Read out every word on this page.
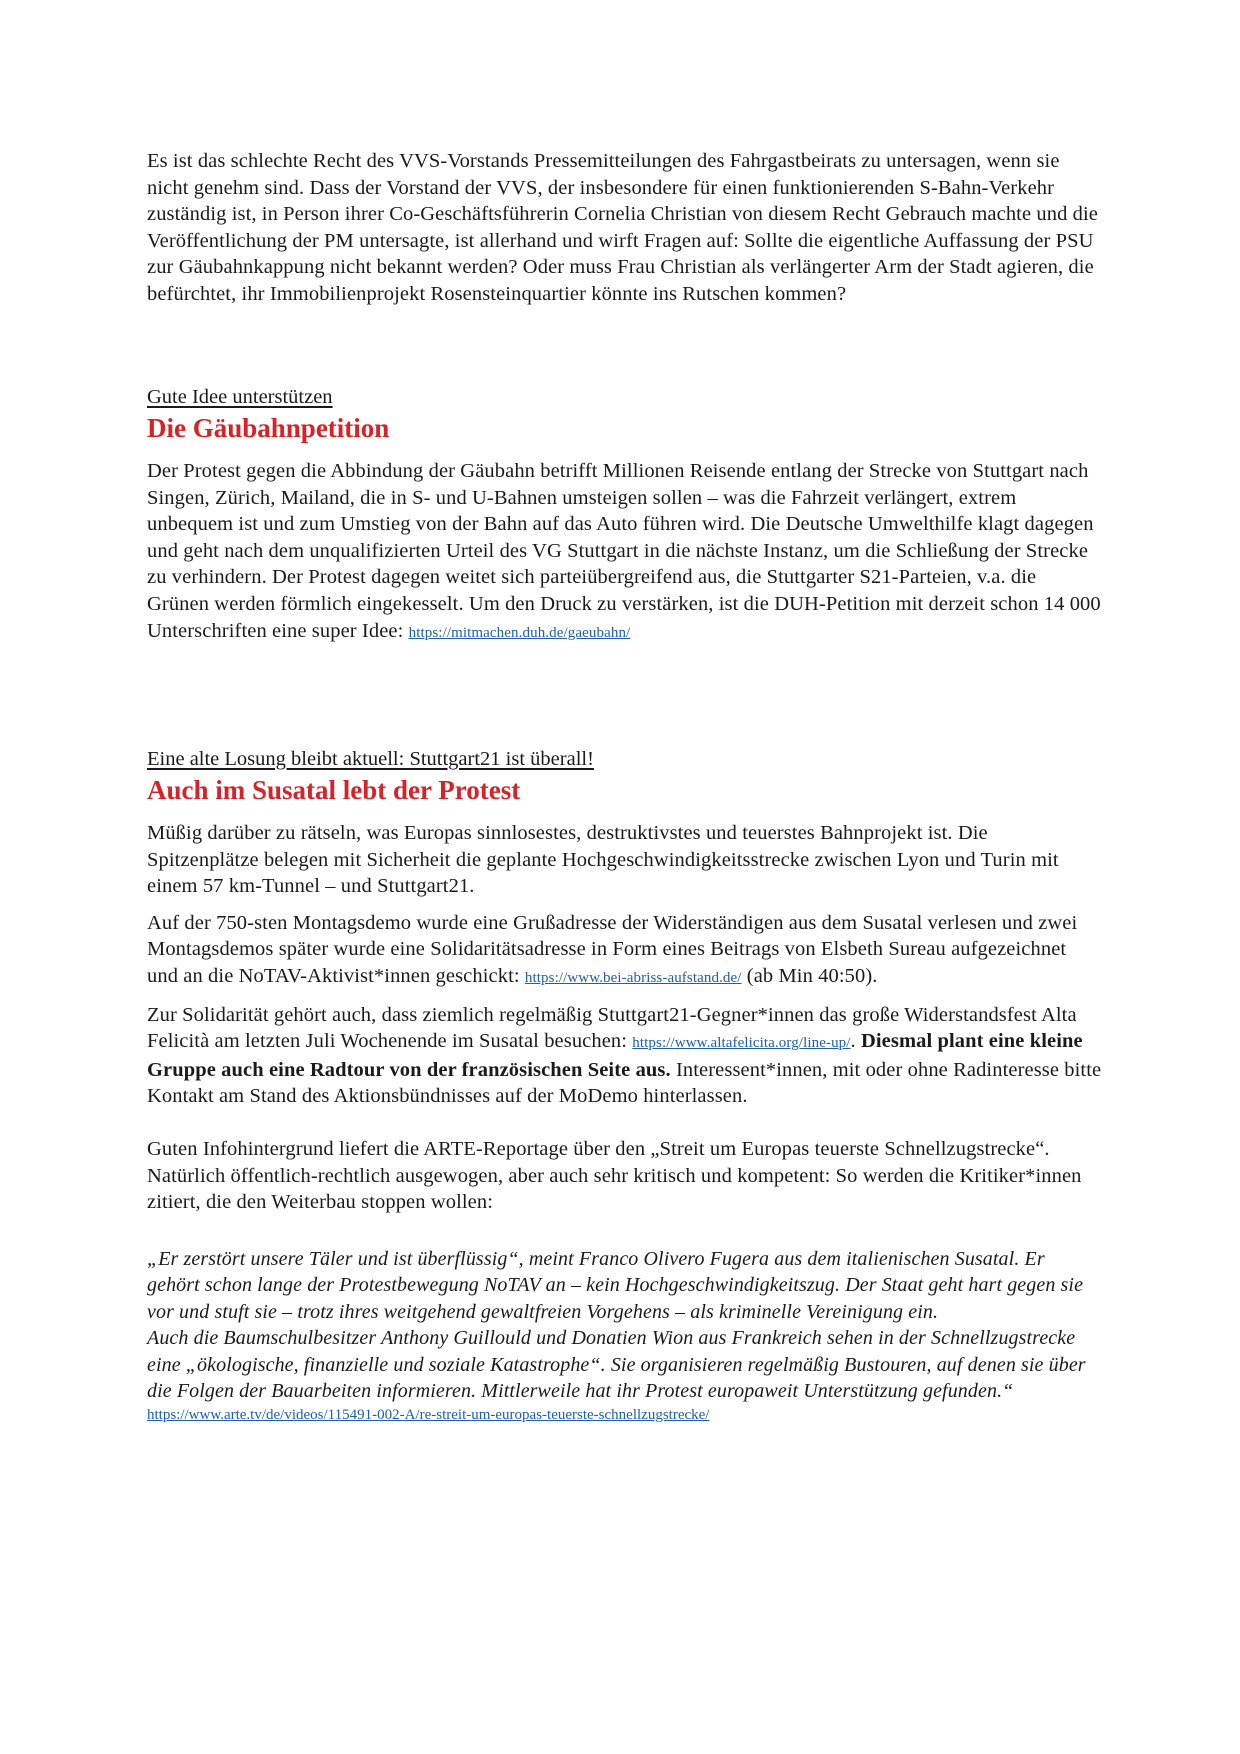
Es ist das schlechte Recht des VVS-Vorstands Pressemitteilungen des Fahrgastbeirats zu untersagen, wenn sie nicht genehm sind. Dass der Vorstand der VVS, der insbesondere für einen funktionierenden S-Bahn-Verkehr zuständig ist, in Person ihrer Co-Geschäftsführerin Cornelia Christian von diesem Recht Gebrauch machte und die Veröffentlichung der PM untersagte, ist allerhand und wirft Fragen auf: Sollte die eigentliche Auffassung der PSU zur Gäubahnkappung nicht bekannt werden? Oder muss Frau Christian als verlängerter Arm der Stadt agieren, die befürchtet, ihr Immobilienprojekt Rosensteinquartier könnte ins Rutschen kommen?

Gute Idee unterstützen
Die Gäubahnpetition

Der Protest gegen die Abbindung der Gäubahn betrifft Millionen Reisende entlang der Strecke von Stuttgart nach Singen, Zürich, Mailand, die in S- und U-Bahnen umsteigen sollen – was die Fahrzeit verlängert, extrem unbequem ist und zum Umstieg von der Bahn auf das Auto führen wird. Die Deutsche Umwelthilfe klagt dagegen und geht nach dem unqualifizierten Urteil des VG Stuttgart in die nächste Instanz, um die Schließung der Strecke zu verhindern. Der Protest dagegen weitet sich parteiübergreifend aus, die Stuttgarter S21-Parteien, v.a. die Grünen werden förmlich eingekesselt. Um den Druck zu verstärken, ist die DUH-Petition mit derzeit schon 14 000 Unterschriften eine super Idee: https://mitmachen.duh.de/gaeubahn/

Eine alte Losung bleibt aktuell: Stuttgart21 ist überall!
Auch im Susatal lebt der Protest

Müßig darüber zu rätseln, was Europas sinnlosestes, destruktivstes und teuerstes Bahnprojekt ist. Die Spitzenplätze belegen mit Sicherheit die geplante Hochgeschwindigkeitsstrecke zwischen Lyon und Turin mit einem 57 km-Tunnel – und Stuttgart21.

Auf der 750-sten Montagsdemo wurde eine Grußadresse der Widerständigen aus dem Susatal verlesen und zwei Montagsdemos später wurde eine Solidaritätsadresse in Form eines Beitrags von Elsbeth Sureau aufgezeichnet und an die NoTAV-Aktivist*innen geschickt: https://www.bei-abriss-aufstand.de/ (ab Min 40:50).

Zur Solidarität gehört auch, dass ziemlich regelmäßig Stuttgart21-Gegner*innen das große Widerstandsfest Alta Felicità am letzten Juli Wochenende im Susatal besuchen: https://www.altafelicita.org/line-up/. Diesmal plant eine kleine Gruppe auch eine Radtour von der französischen Seite aus. Interessent*innen, mit oder ohne Radinteresse bitte Kontakt am Stand des Aktionsbündnisses auf der MoDemo hinterlassen.

Guten Infohintergrund liefert die ARTE-Reportage über den „Streit um Europas teuerste Schnellzugstrecke“. Natürlich öffentlich-rechtlich ausgewogen, aber auch sehr kritisch und kompetent: So werden die Kritiker*innen zitiert, die den Weiterbau stoppen wollen:

„Er zerstört unsere Täler und ist überflüssig“, meint Franco Olivero Fugera aus dem italienischen Susatal. Er gehört schon lange der Protestbewegung NoTAV an – kein Hochgeschwindigkeitszug. Der Staat geht hart gegen sie vor und stuft sie – trotz ihres weitgehend gewaltfreien Vorgehens – als kriminelle Vereinigung ein.

Auch die Baumschulbesitzer Anthony Guillould und Donatien Wion aus Frankreich sehen in der Schnellzugstrecke eine „ökologische, finanzielle und soziale Katastrophe“. Sie organisieren regelmäßig Bustouren, auf denen sie über die Folgen der Bauarbeiten informieren. Mittlerweile hat ihr Protest europaweit Unterstützung gefunden.“

https://www.arte.tv/de/videos/115491-002-A/re-streit-um-europas-teuerste-schnellzugstrecke/
